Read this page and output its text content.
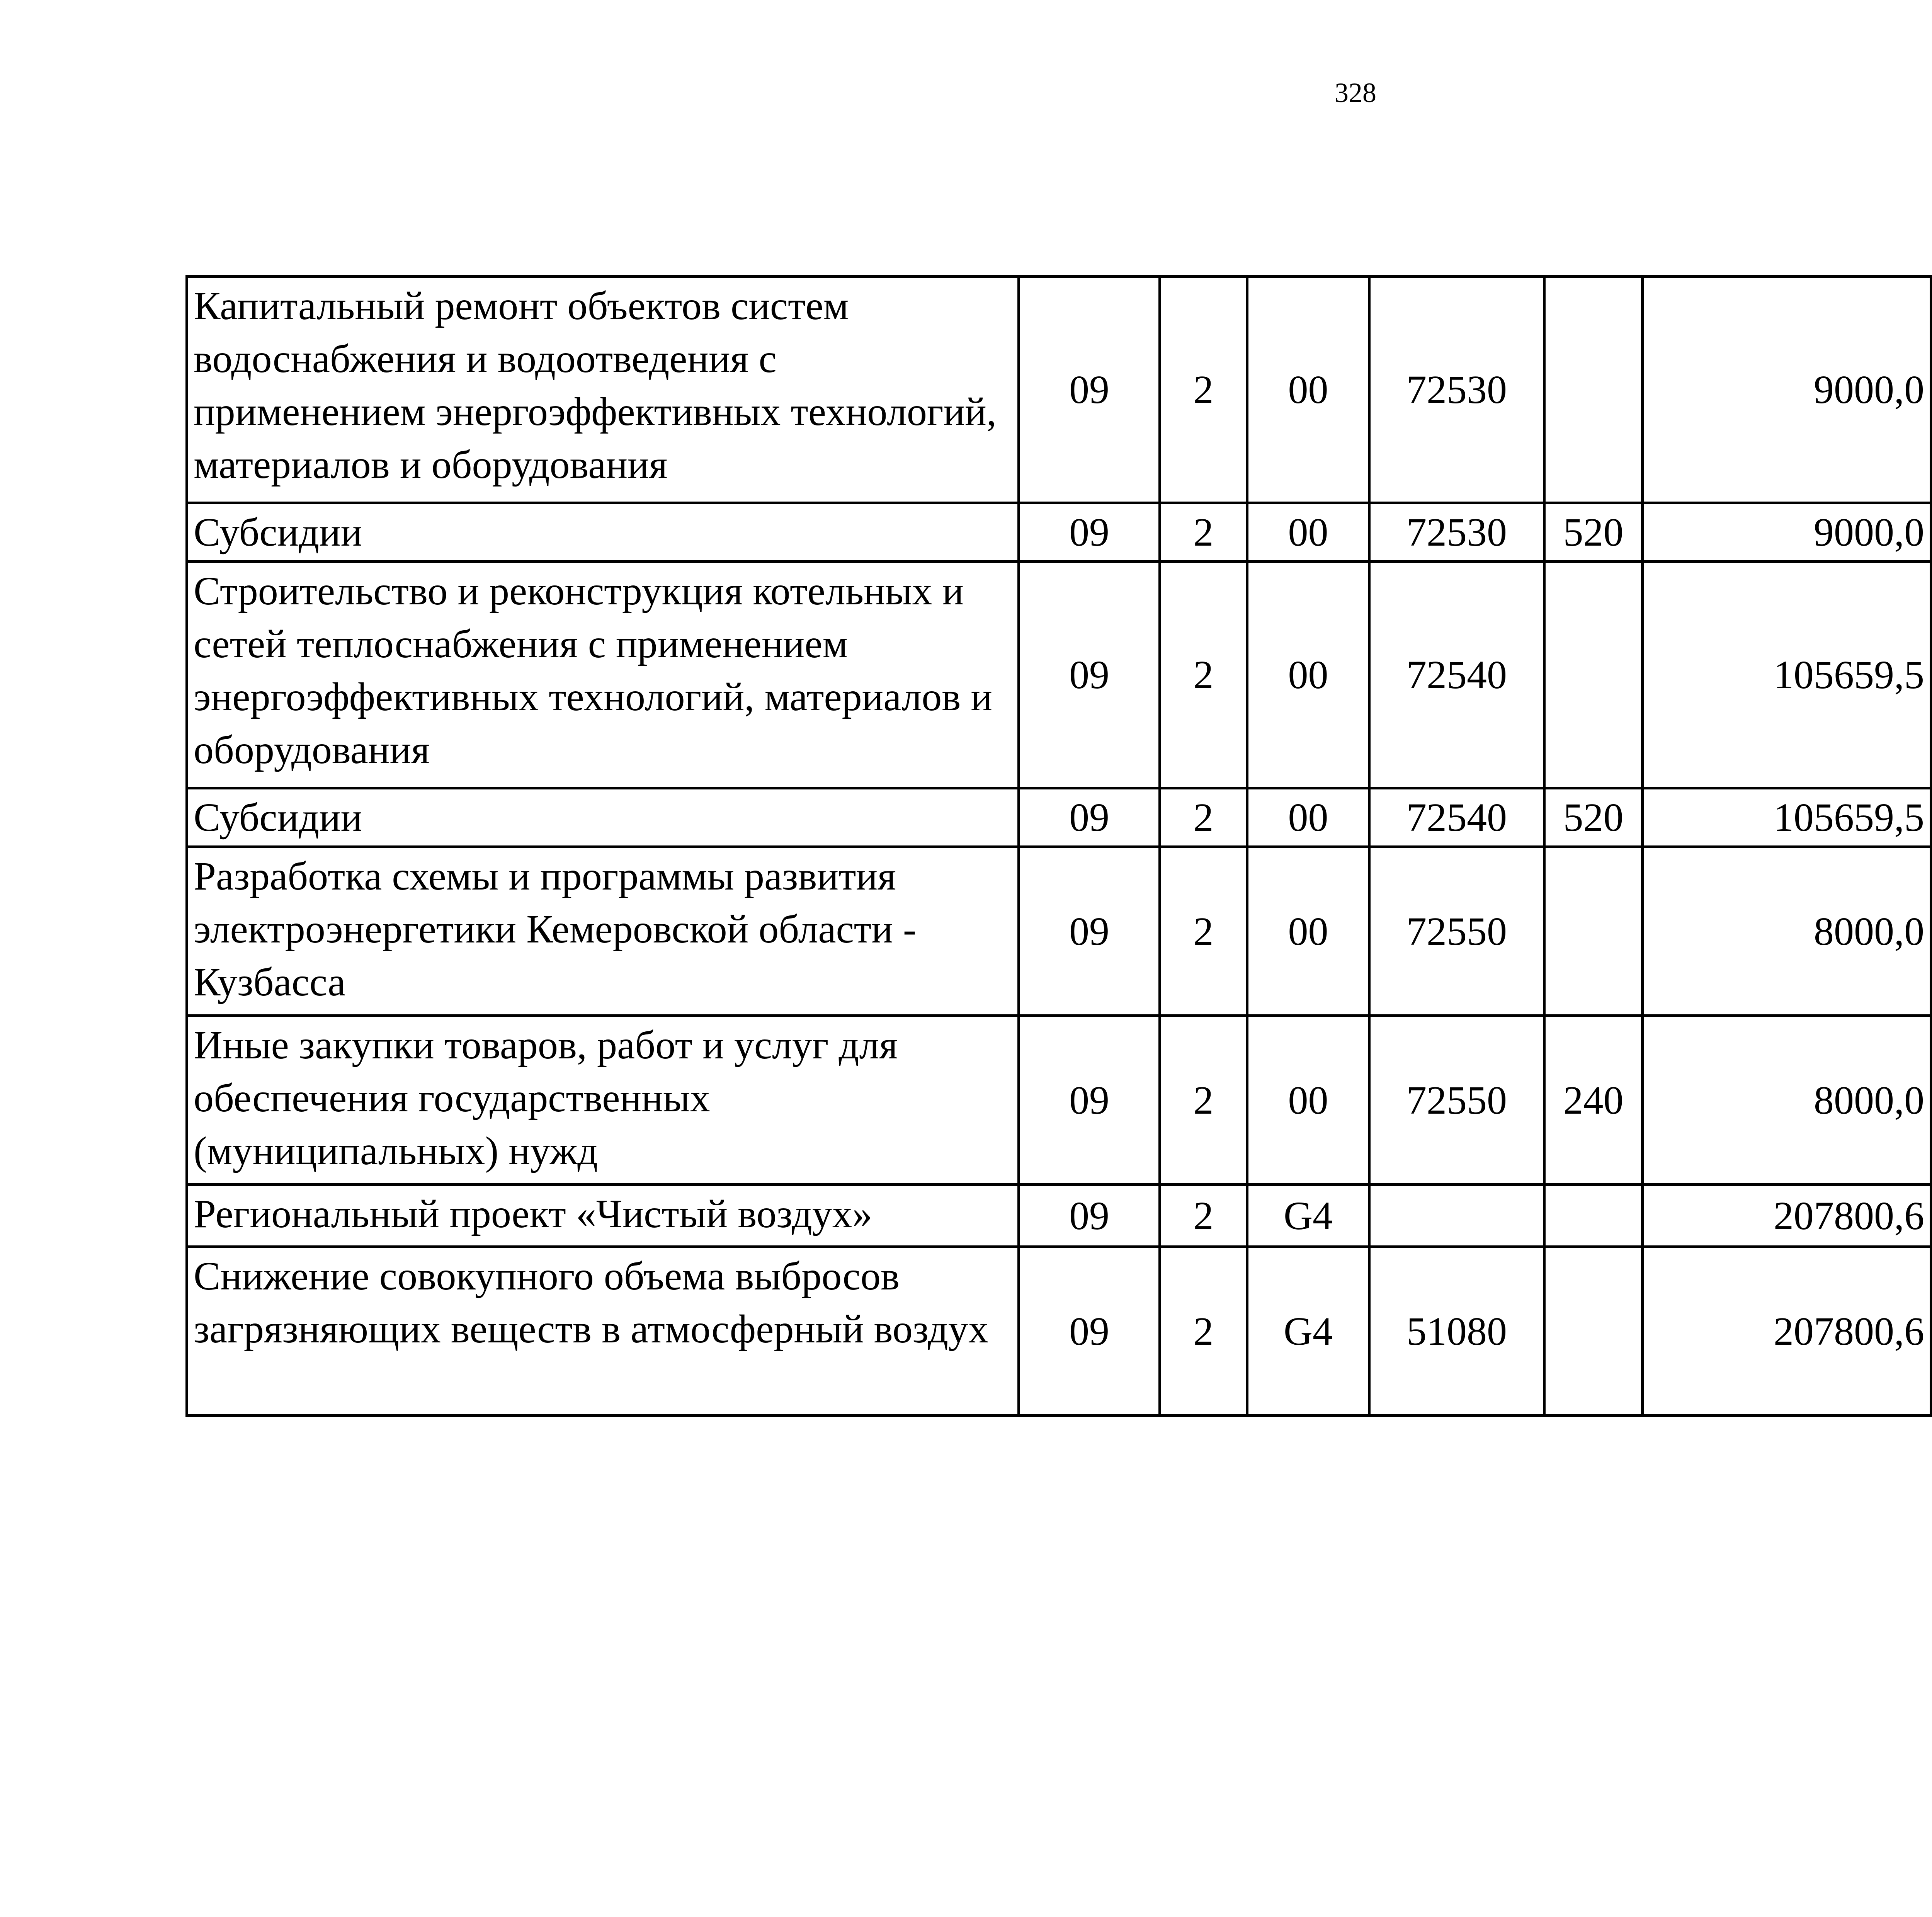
328
Капитальный ремонт объектов систем водоснабжения и водоотведения с применением энергоэффективных технологий, материалов и оборудования	09	2	00	72530		9000,0		
Субсидии	09	2	00	72530	520	9000,0		
Строительство и реконструкция котельных и сетей теплоснабжения с применением энергоэффективных технологий, материалов и оборудования	09	2	00	72540		105659,5		
Субсидии	09	2	00	72540	520	105659,5		
Разработка схемы и программы развития электроэнергетики Кемеровской области - Кузбасса	09	2	00	72550		8000,0		
Иные закупки товаров, работ и услуг для обеспечения государственных (муниципальных) нужд	09	2	00	72550	240	8000,0		
Региональный проект «Чистый воздух»	09	2	G4			207800,6		
Снижение совокупного объема выбросов загрязняющих веществ в атмосферный воздух	09	2	G4	51080		207800,6		
